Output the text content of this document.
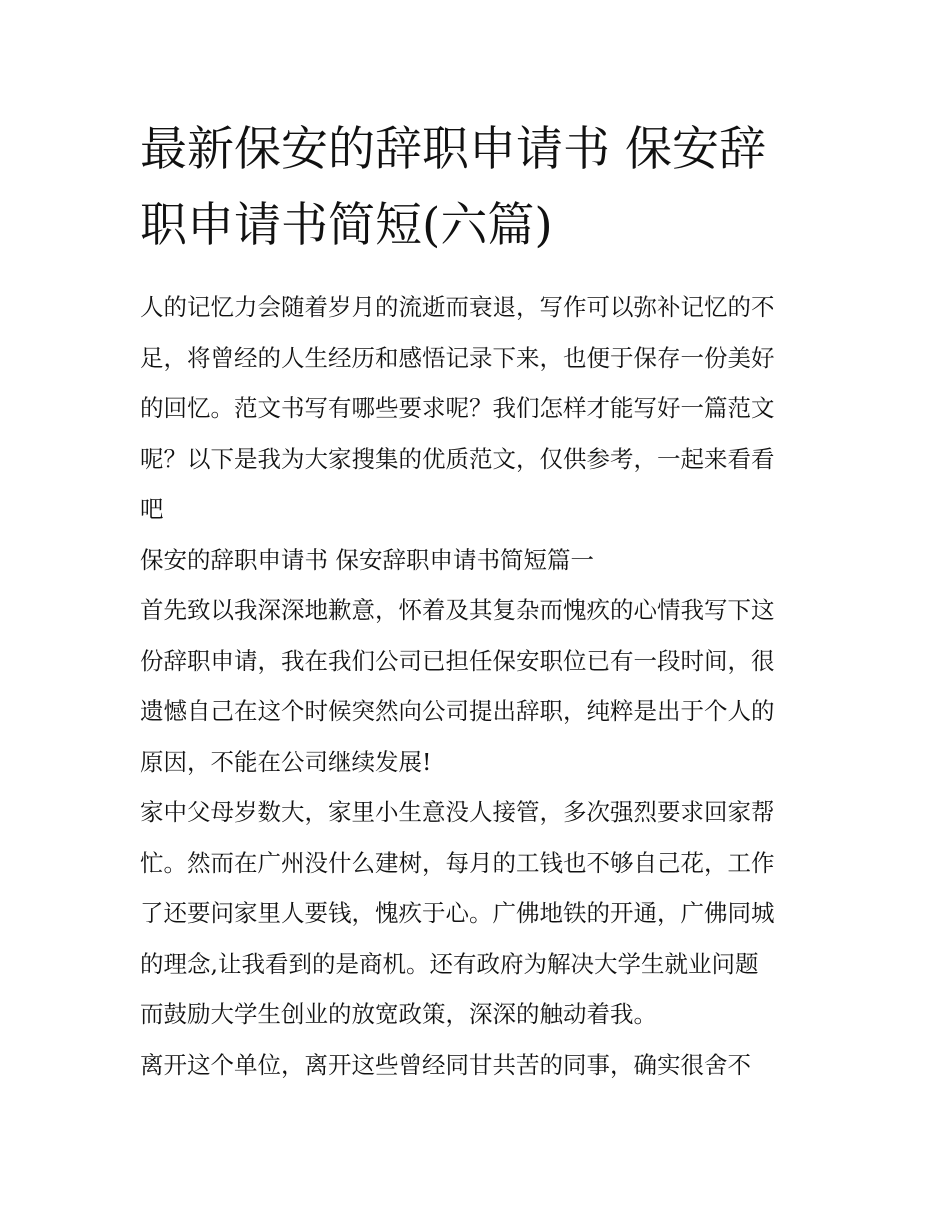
最新保安的辞职申请书 保安辞
职申请书简短(六篇)

人的记忆力会随着岁月的流逝而衰退，写作可以弥补记忆的不
足，将曾经的人生经历和感悟记录下来，也便于保存一份美好
的回忆。范文书写有哪些要求呢？我们怎样才能写好一篇范文
呢？以下是我为大家搜集的优质范文，仅供参考，一起来看看
吧

保安的辞职申请书 保安辞职申请书简短篇一

首先致以我深深地歉意，怀着及其复杂而愧疚的心情我写下这
份辞职申请，我在我们公司已担任保安职位已有一段时间，很
遗憾自己在这个时候突然向公司提出辞职，纯粹是出于个人的
原因，不能在公司继续发展!

家中父母岁数大，家里小生意没人接管，多次强烈要求回家帮
忙。然而在广州没什么建树，每月的工钱也不够自己花，工作
了还要问家里人要钱，愧疚于心。广佛地铁的开通，广佛同城
的理念,让我看到的是商机。还有政府为解决大学生就业问题
而鼓励大学生创业的放宽政策，深深的触动着我。

离开这个单位，离开这些曾经同甘共苦的同事，确实很舍不
